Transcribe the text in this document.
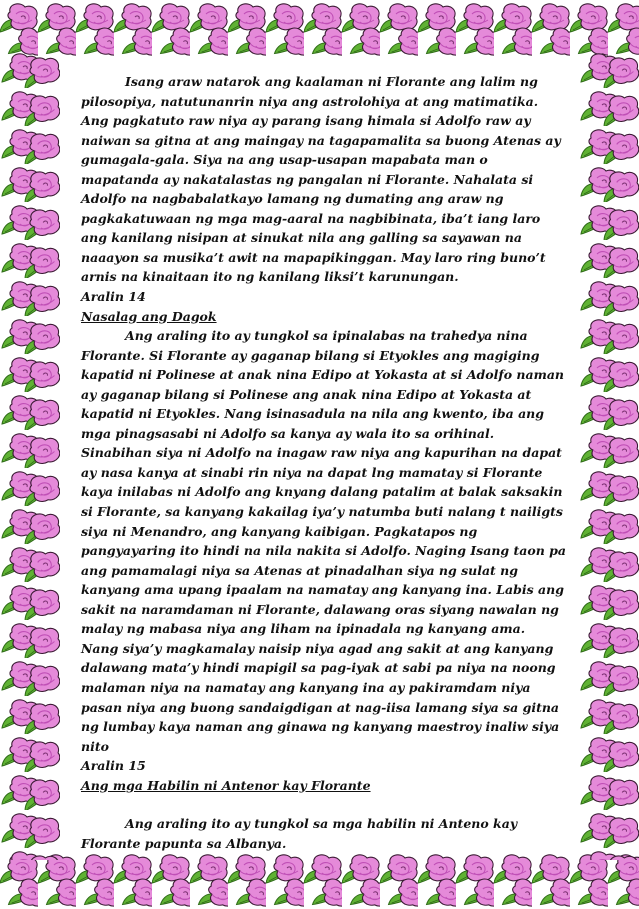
Isang araw natarok ang kaalaman ni Florante ang lalim ng pilosopiya, natutunanrin niya ang astrolohiya at ang matimatika. Ang pagkatuto raw niya ay parang isang himala si Adolfo raw ay naiwan sa gitna at ang maingay na tagapamalita sa buong Atenas ay gumagala-gala. Siya na ang usap-usapan mapabata man o mapatanda ay nakatalastas ng pangalan ni Florante. Nahalata si Adolfo na nagbabalatkayo lamang ng dumating ang araw ng pagkakatuwaan ng mga mag-aaral na nagbibinata, iba’t iang laro ang kanilang nisipan at sinukat nila ang galling sa sayawan na naaayon sa musika’t awit na mapapikinggan. May laro ring buno’t arnis na kinaitaan ito ng kanilang liksi’t karunungan.

Aralin 14

Nasalag ang Dagok

Ang araling ito ay tungkol sa ipinalabas na trahedya nina Florante. Si Florante ay gaganap bilang si Etyokles ang magiging kapatid ni Polinese at anak nina Edipo at Yokasta at si Adolfo naman ay gaganap bilang si Polinese ang anak nina Edipo at Yokasta at kapatid ni Etyokles. Nang isinasadula na nila ang kwento, iba ang mga pinagsasabi ni Adolfo sa kanya ay wala ito sa orihinal. Sinabihan siya ni Adolfo na inagaw raw niya ang kapurihan na dapat ay nasa kanya at sinabi rin niya na dapat lng mamatay si Florante kaya inilabas ni Adolfo ang knyang dalang patalim at balak saksakin si Florante, sa kanyang kakailag iya’y natumba buti nalang t nailigts siya ni Menandro, ang kanyang kaibigan. Pagkatapos ng pangyayaring ito hindi na nila nakita si Adolfo. Naging Isang taon pa ang pamamalagi niya sa Atenas at pinadalhan siya ng sulat ng kanyang ama upang ipaalam na namatay ang kanyang ina. Labis ang sakit na naramdaman ni Florante, dalawang oras siyang nawalan ng malay ng mabasa niya ang liham na ipinadala ng kanyang ama. Nang siya’y magkamalay naisip niya agad ang sakit at ang kanyang dalawang mata’y hindi mapigil sa pag-iyak at sabi pa niya na noong malaman niya na namatay ang kanyang ina ay pakiramdam niya pasan niya ang buong sandaigdigan at nag-iisa lamang siya sa gitna ng lumbay kaya naman ang ginawa ng kanyang maestroy inaliw siya nito

Aralin 15

Ang mga Habilin ni Antenor kay Florante

Ang araling ito ay tungkol sa mga habilin ni Anteno kay Florante papunta sa Albanya.
